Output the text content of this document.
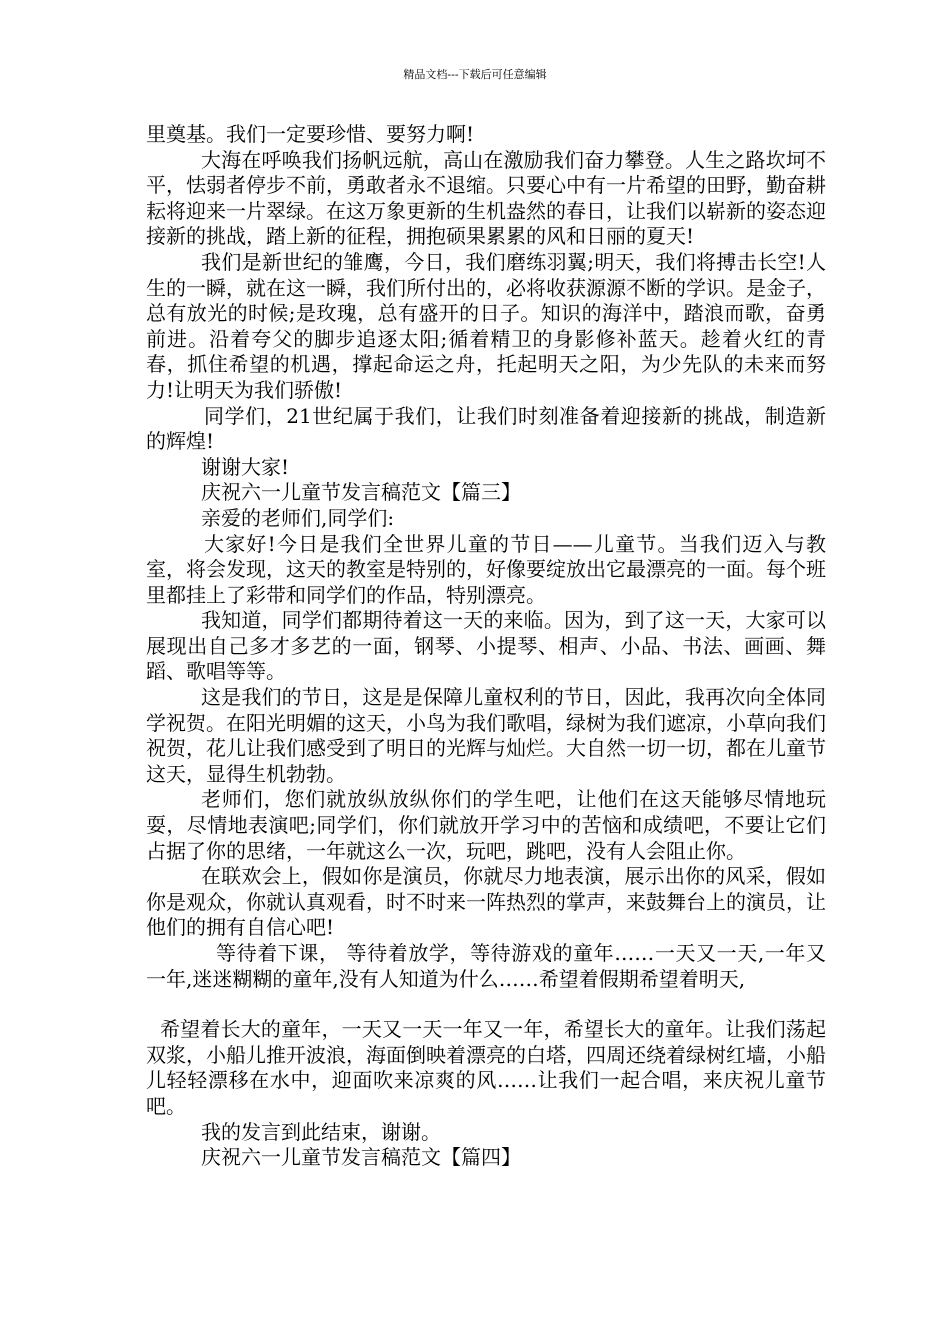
精品文档---下载后可任意编辑

里奠基。我们一定要珍惜、要努力啊!

大海在呼唤我们扬帆远航，高山在激励我们奋力攀登。人生之路坎坷不平，怯弱者停步不前，勇敢者永不退缩。只要心中有一片希望的田野，勤奋耕耘将迎来一片翠绿。在这万象更新的生机盎然的春日，让我们以崭新的姿态迎接新的挑战，踏上新的征程，拥抱硕果累累的风和日丽的夏天!

我们是新世纪的雏鹰，今日，我们磨练羽翼;明天，我们将搏击长空!人生的一瞬，就在这一瞬，我们所付出的，必将收获源源不断的学识。是金子，总有放光的时候;是玫瑰，总有盛开的日子。知识的海洋中，踏浪而歌，奋勇前进。沿着夸父的脚步追逐太阳;循着精卫的身影修补蓝天。趁着火红的青春，抓住希望的机遇，撑起命运之舟，托起明天之阳，为少先队的未来而努力!让明天为我们骄傲!

同学们，21世纪属于我们，让我们时刻准备着迎接新的挑战，制造新的辉煌!

谢谢大家!

庆祝六一儿童节发言稿范文【篇三】

亲爱的老师们,同学们:

大家好!今日是我们全世界儿童的节日——儿童节。当我们迈入与教室，将会发现，这天的教室是特别的，好像要绽放出它最漂亮的一面。每个班里都挂上了彩带和同学们的作品，特别漂亮。

我知道，同学们都期待着这一天的来临。因为，到了这一天，大家可以展现出自己多才多艺的一面，钢琴、小提琴、相声、小品、书法、画画、舞蹈、歌唱等等。

这是我们的节日，这是是保障儿童权利的节日，因此，我再次向全体同学祝贺。在阳光明媚的这天，小鸟为我们歌唱，绿树为我们遮凉，小草向我们祝贺，花儿让我们感受到了明日的光辉与灿烂。大自然一切一切，都在儿童节这天，显得生机勃勃。

老师们，您们就放纵放纵你们的学生吧，让他们在这天能够尽情地玩耍，尽情地表演吧;同学们，你们就放开学习中的苦恼和成绩吧，不要让它们占据了你的思绪，一年就这么一次，玩吧，跳吧，没有人会阻止你。

在联欢会上，假如你是演员，你就尽力地表演，展示出你的风采，假如你是观众，你就认真观看，时不时来一阵热烈的掌声，来鼓舞台上的演员，让他们的拥有自信心吧!

等待着下课， 等待着放学，等待游戏的童年……一天又一天,一年又一年,迷迷糊糊的童年,没有人知道为什么……希望着假期希望着明天,

希望着长大的童年，一天又一天一年又一年，希望长大的童年。让我们荡起双浆，小船儿推开波浪，海面倒映着漂亮的白塔，四周还绕着绿树红墙，小船儿轻轻漂移在水中，迎面吹来凉爽的风……让我们一起合唱，来庆祝儿童节吧。

我的发言到此结束，谢谢。

庆祝六一儿童节发言稿范文【篇四】
